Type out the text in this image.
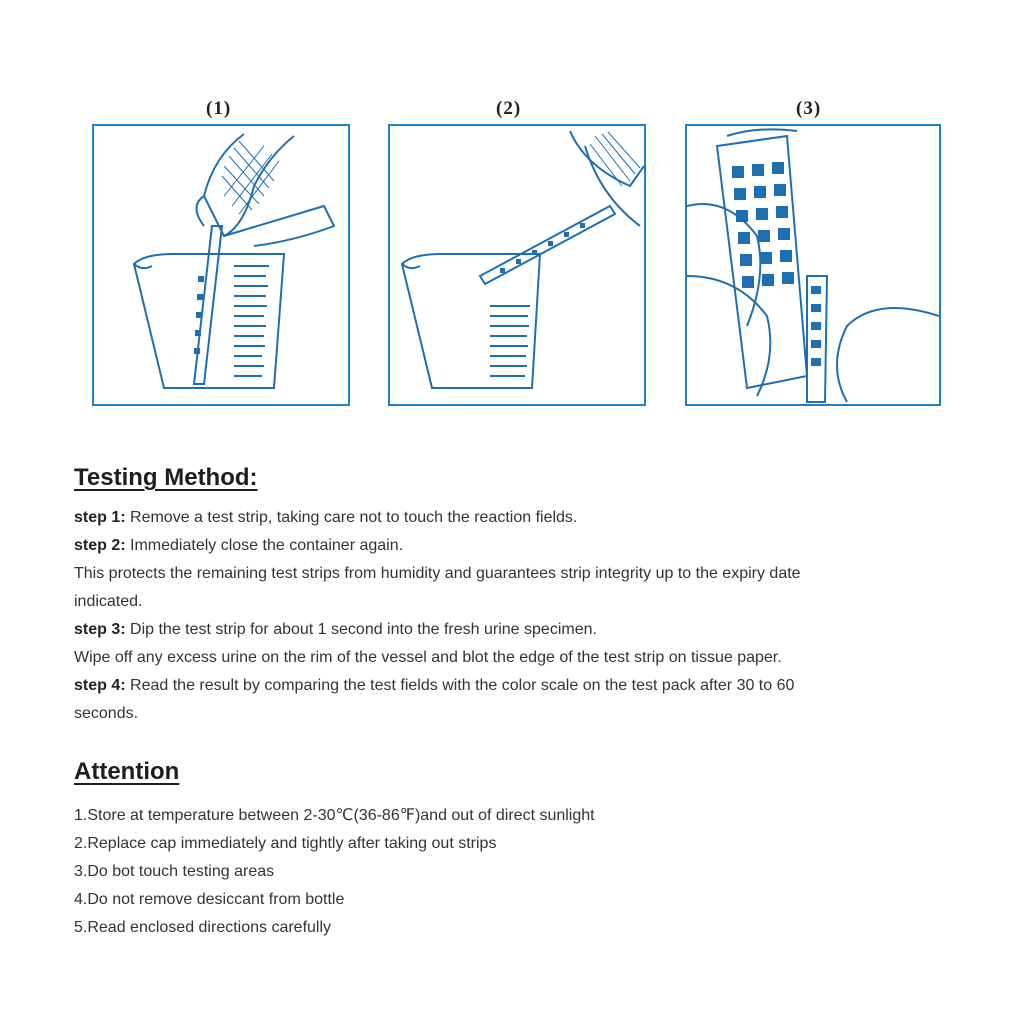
(1)	(2)	(3)
Testing Method:
step 1: Remove a test strip, taking care not to touch the reaction fields.
step 2: Immediately close the container again.
This protects the remaining test strips from humidity and guarantees strip integrity up to the expiry date
indicated.
step 3: Dip the test strip for about 1 second into the fresh urine specimen.
Wipe off any excess urine on the rim of the vessel and blot the edge of the test strip on tissue paper.
step 4: Read the result by comparing the test fields with the color scale on the test pack after 30 to 60
seconds.
Attention
1.Store at temperature between 2-30℃(36-86℉)and out of direct sunlight
2.Replace cap immediately and tightly after taking out strips
3.Do bot touch testing areas
4.Do not remove desiccant from bottle
5.Read enclosed directions carefully
